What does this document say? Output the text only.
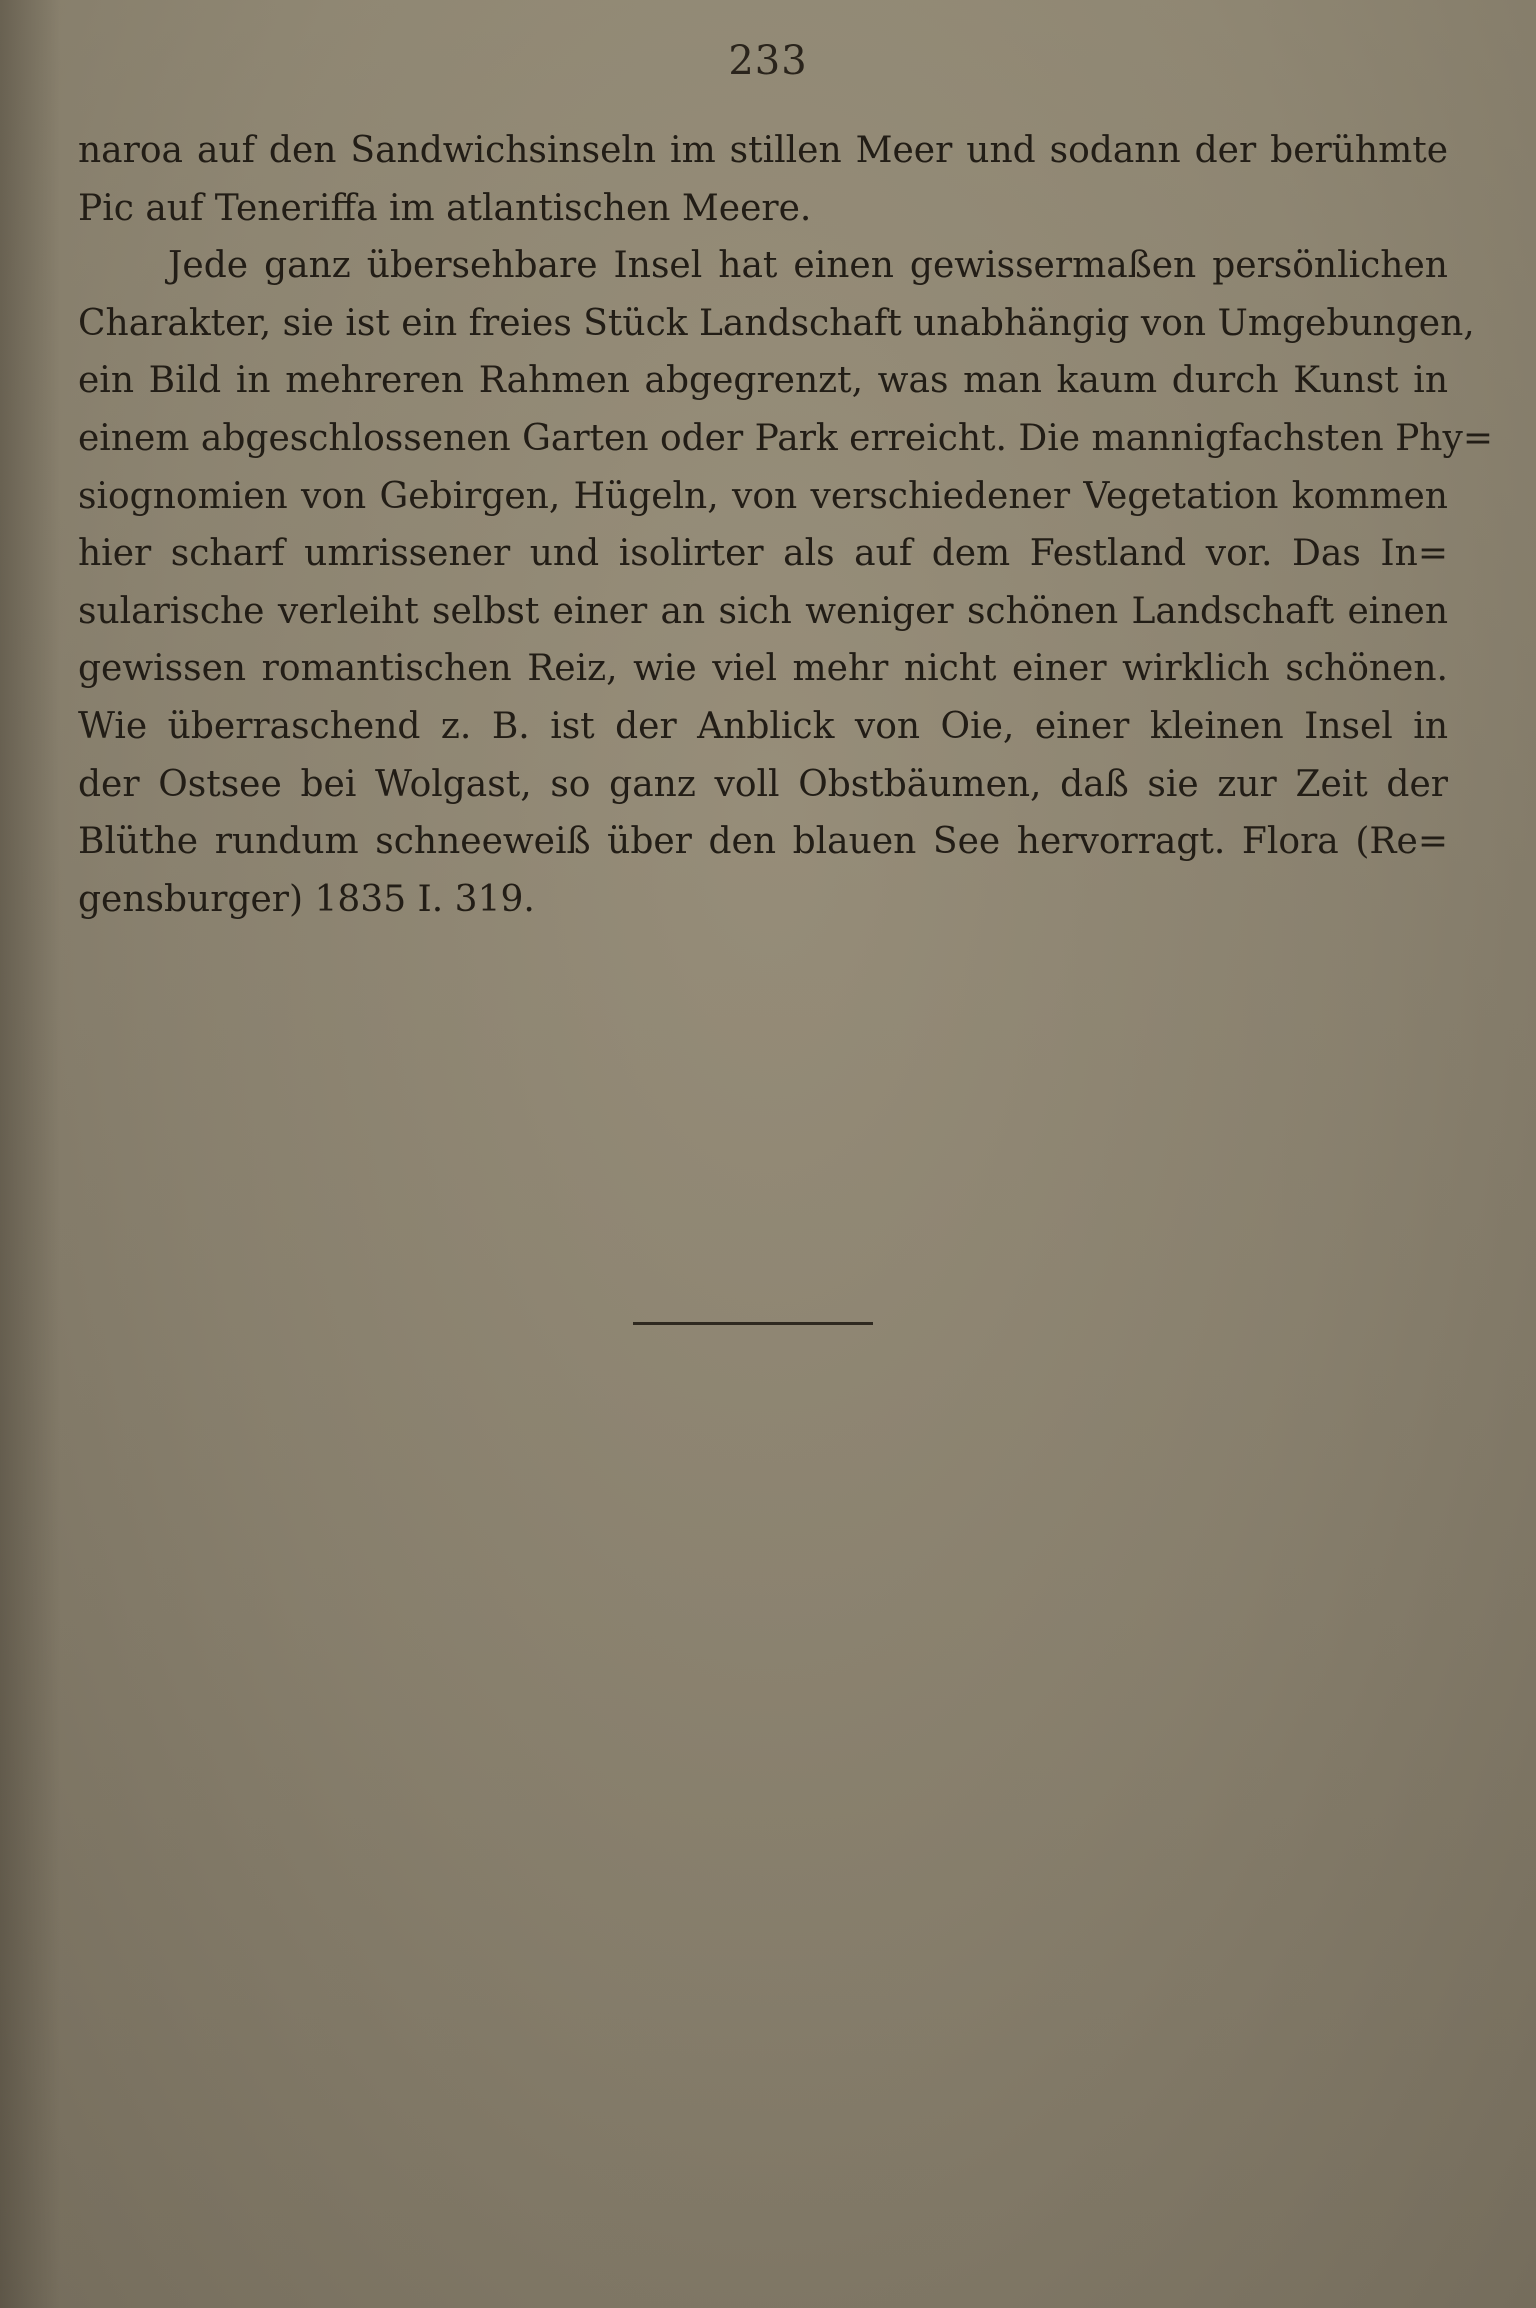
233
naroa auf den Sandwichsinseln im stillen Meer und sodann der berühmte
Pic auf Teneriffa im atlantischen Meere.
Jede ganz übersehbare Insel hat einen gewissermaßen persönlichen
Charakter, sie ist ein freies Stück Landschaft unabhängig von Umgebungen,
ein Bild in mehreren Rahmen abgegrenzt, was man kaum durch Kunst in
einem abgeschlossenen Garten oder Park erreicht. Die mannigfachsten Phy=
siognomien von Gebirgen, Hügeln, von verschiedener Vegetation kommen
hier scharf umrissener und isolirter als auf dem Festland vor. Das In=
sularische verleiht selbst einer an sich weniger schönen Landschaft einen
gewissen romantischen Reiz, wie viel mehr nicht einer wirklich schönen.
Wie überraschend z. B. ist der Anblick von Oie, einer kleinen Insel in
der Ostsee bei Wolgast, so ganz voll Obstbäumen, daß sie zur Zeit der
Blüthe rundum schneeweiß über den blauen See hervorragt. Flora (Re=
gensburger) 1835 I. 319.
